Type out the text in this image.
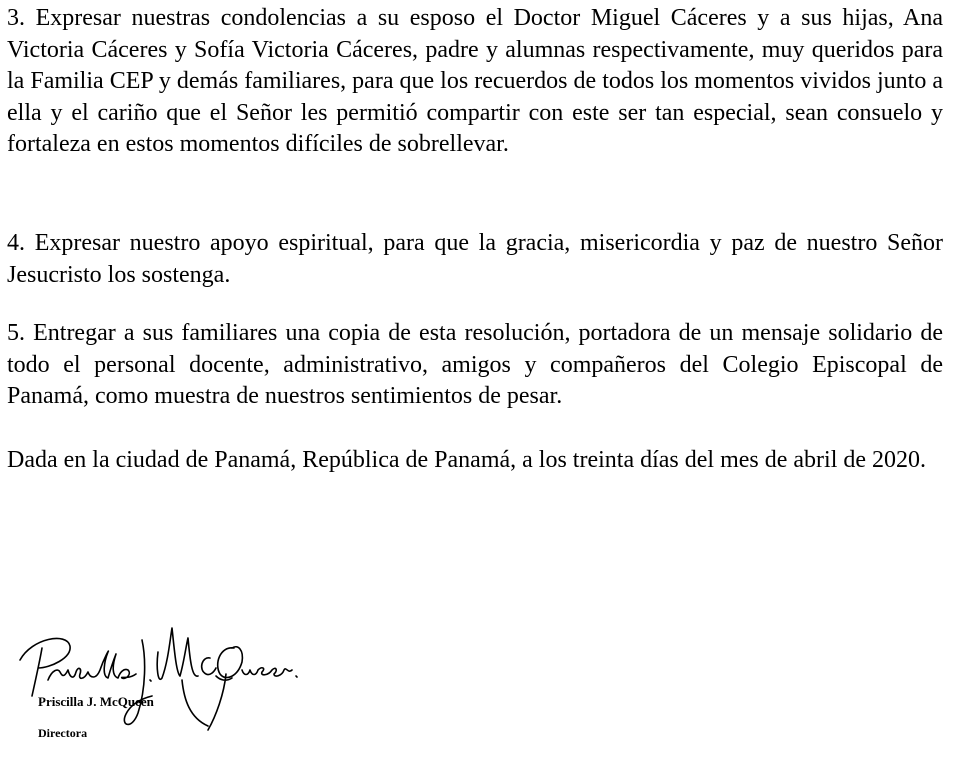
3. Expresar nuestras condolencias a su esposo el Doctor Miguel Cáceres y a sus hijas, Ana Victoria Cáceres y Sofía Victoria Cáceres, padre y alumnas respectivamente, muy queridos para la Familia CEP y demás familiares, para que los recuerdos de todos los momentos vividos junto a ella y el cariño que el Señor les permitió compartir con este ser tan especial, sean consuelo y fortaleza en estos momentos difíciles de sobrellevar.

4. Expresar nuestro apoyo espiritual, para que la gracia, misericordia y paz de nuestro Señor Jesucristo los sostenga.

5. Entregar a sus familiares una copia de esta resolución, portadora de un mensaje solidario de todo el personal docente, administrativo, amigos y compañeros del Colegio Episcopal de Panamá, como muestra de nuestros sentimientos de pesar.

Dada en la ciudad de Panamá, República de Panamá, a los treinta días del mes de abril de 2020.

Priscilla J. McQueen
Directora
